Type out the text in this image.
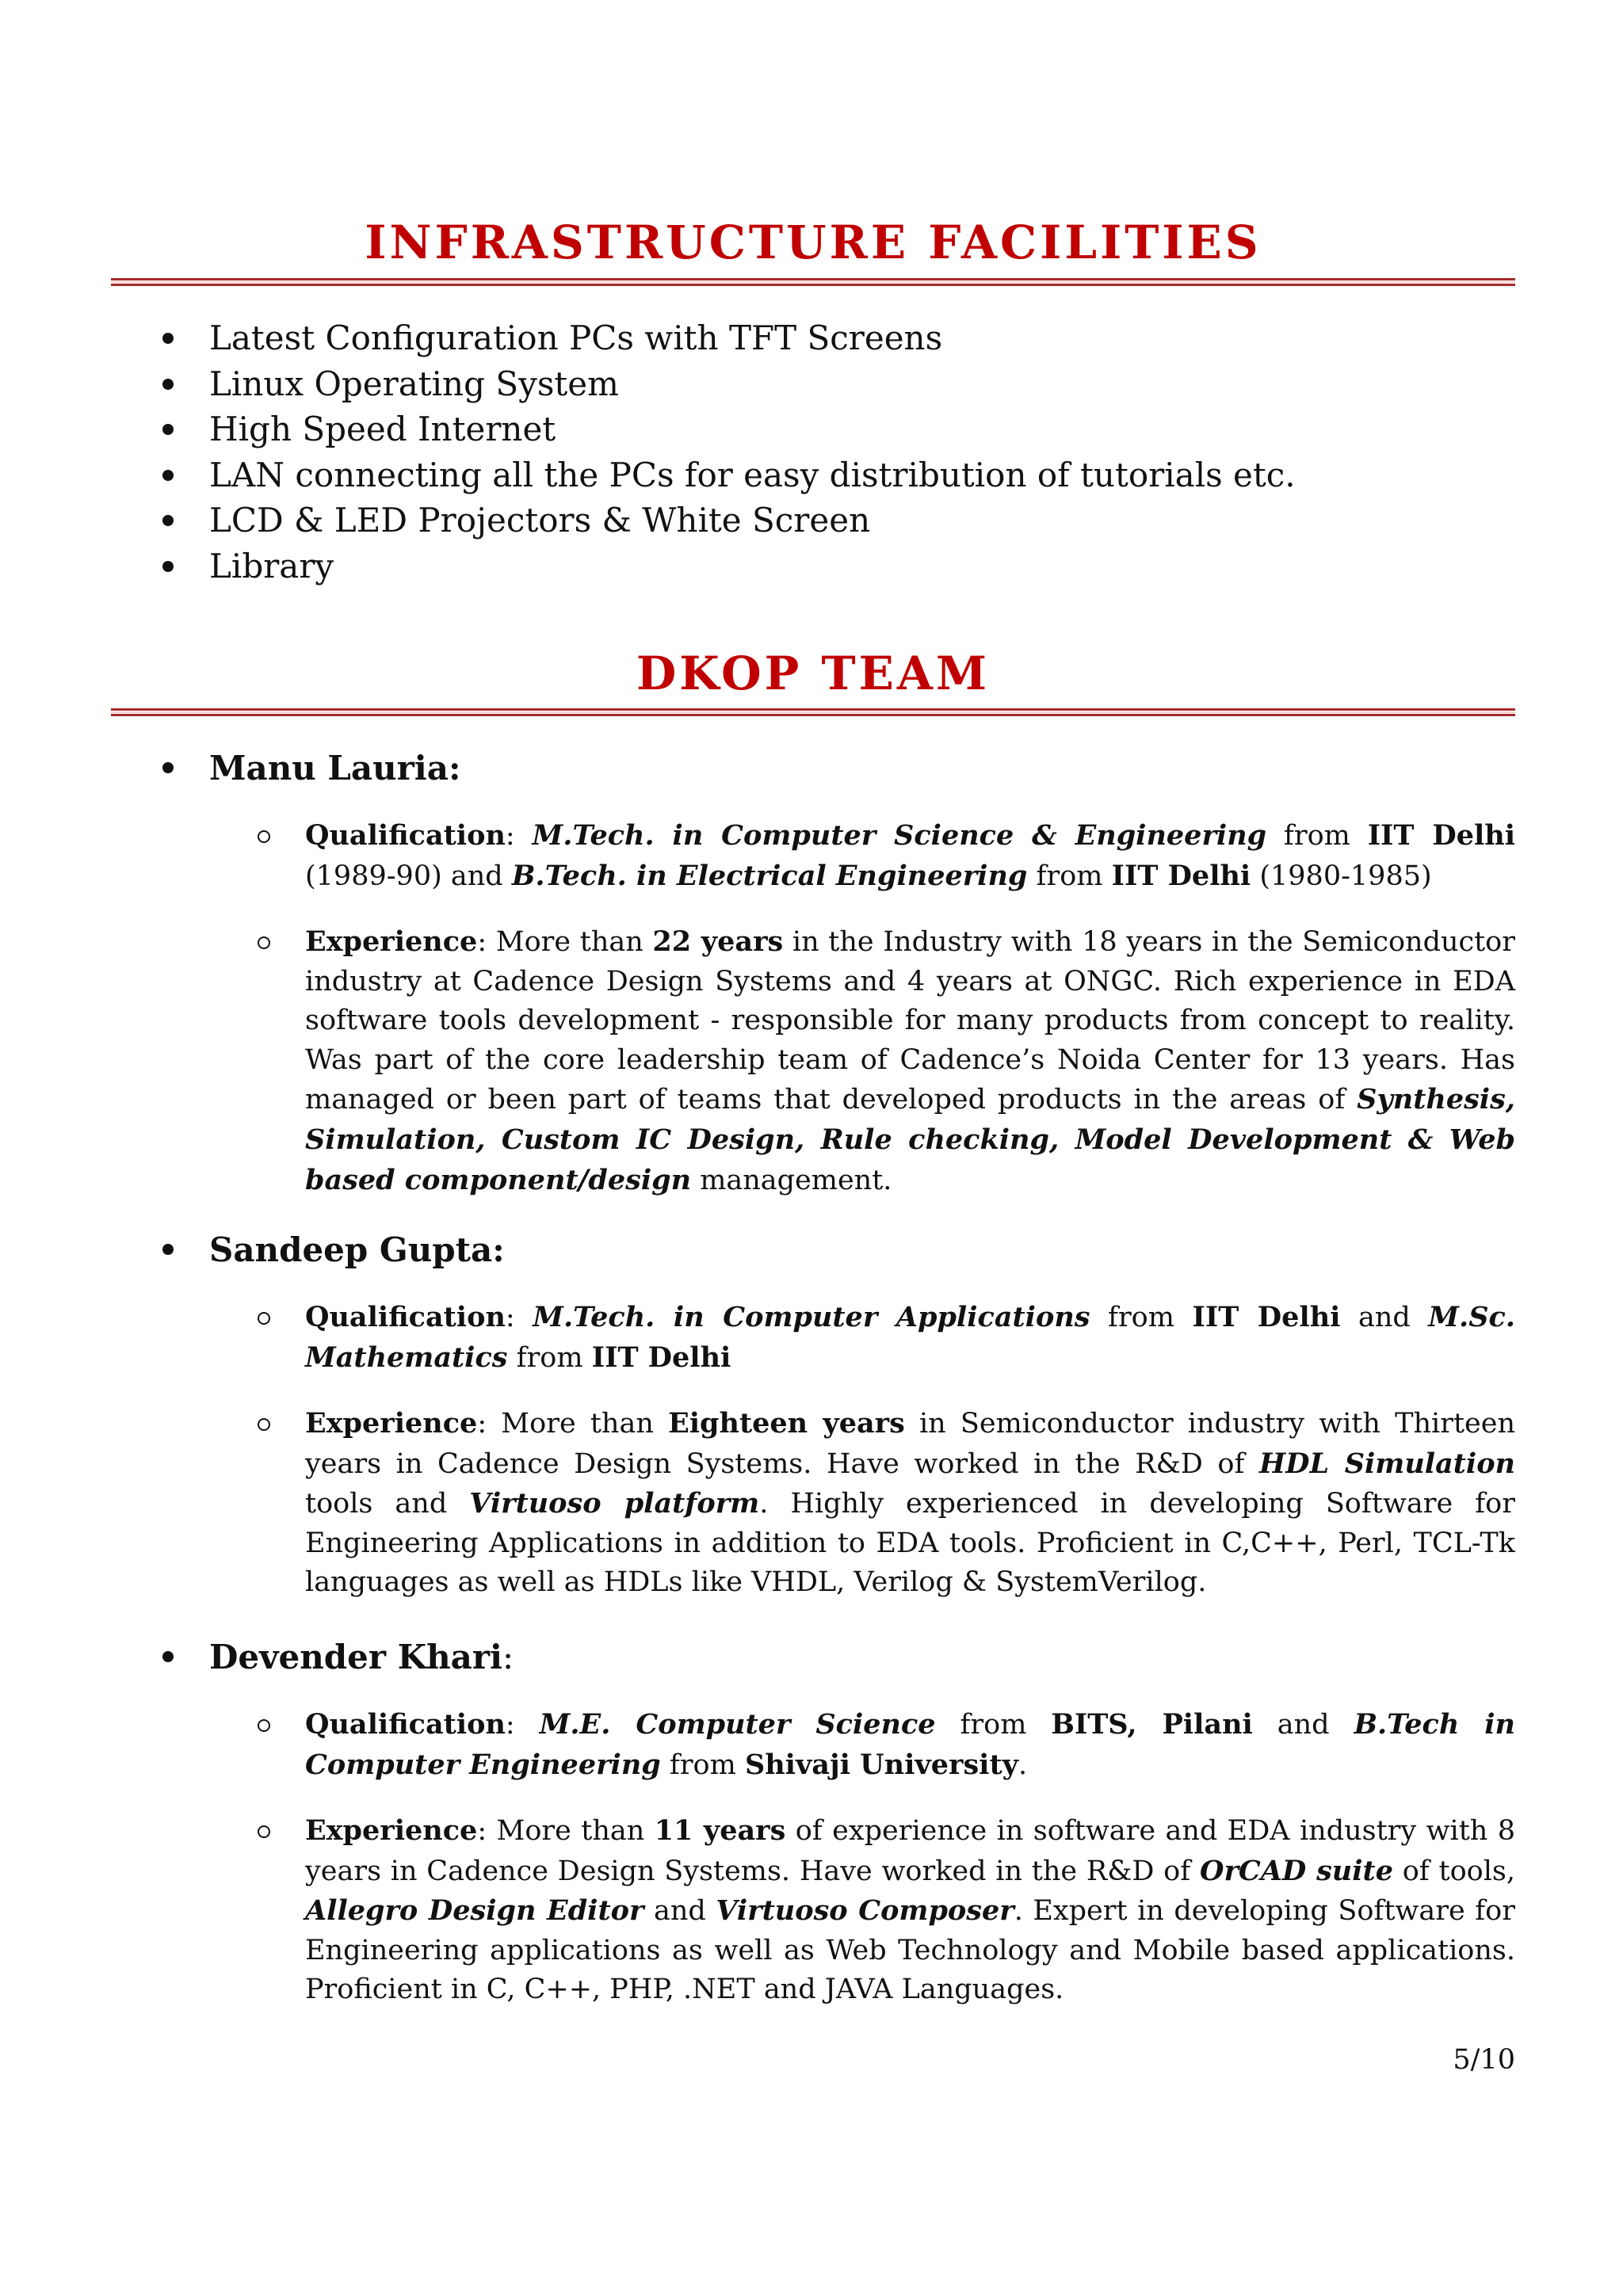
INFRASTRUCTURE FACILITIES
Latest Configuration PCs with TFT Screens
Linux Operating System
High Speed Internet
LAN connecting all the PCs for easy distribution of tutorials etc.
LCD & LED Projectors & White Screen
Library
DKOP TEAM

Manu Lauria:

Qualification: M.Tech. in Computer Science & Engineering from IIT Delhi (1989-90) and B.Tech. in Electrical Engineering from IIT Delhi (1980-1985)
Experience: More than 22 years in the Industry with 18 years in the Semiconductor industry at Cadence Design Systems and 4 years at ONGC. Rich experience in EDA software tools development - responsible for many products from concept to reality. Was part of the core leadership team of Cadence’s Noida Center for 13 years. Has managed or been part of teams that developed products in the areas of Synthesis, Simulation, Custom IC Design, Rule checking, Model Development & Web based component/design management.

Sandeep Gupta:

Qualification: M.Tech. in Computer Applications from IIT Delhi and M.Sc. Mathematics from IIT Delhi
Experience: More than Eighteen years in Semiconductor industry with Thirteen years in Cadence Design Systems. Have worked in the R&D of HDL Simulation tools and Virtuoso platform. Highly experienced in developing Software for Engineering Applications in addition to EDA tools. Proficient in C,C++, Perl, TCL-Tk languages as well as HDLs like VHDL, Verilog & SystemVerilog.

Devender Khari:

Qualification: M.E. Computer Science from BITS, Pilani and B.Tech in Computer Engineering from Shivaji University.
Experience: More than 11 years of experience in software and EDA industry with 8 years in Cadence Design Systems. Have worked in the R&D of OrCAD suite of tools, Allegro Design Editor and Virtuoso Composer. Expert in developing Software for Engineering applications as well as Web Technology and Mobile based applications. Proficient in C, C++, PHP, .NET and JAVA Languages.
5/10
